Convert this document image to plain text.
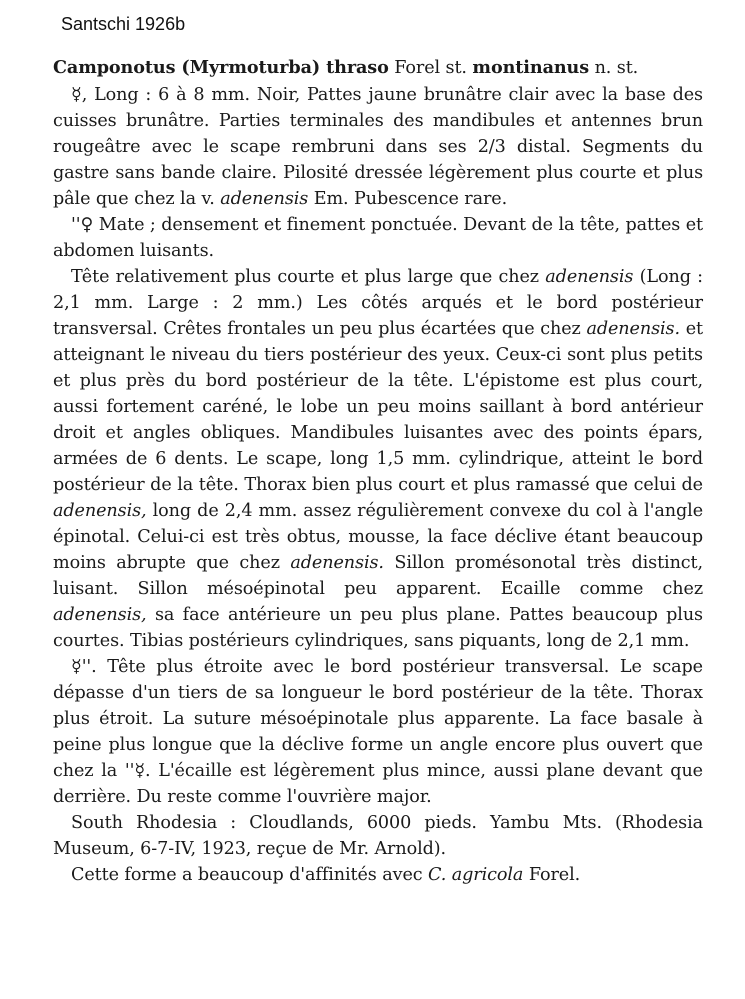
Santschi 1926b

Camponotus (Myrmoturba) thraso Forel st. montinanus n. st.

☿, Long : 6 à 8 mm. Noir, Pattes jaune brunâtre clair avec la base des cuisses brunâtre. Parties terminales des mandibules et antennes brun rougeâtre avec le scape rembruni dans ses 2/3 distal. Segments du gastre sans bande claire. Pilosité dressée légèrement plus courte et plus pâle que chez la v. adenensis Em. Pubescence rare.

''♀ Mate ; densement et finement ponctuée. Devant de la tête, pattes et abdomen luisants.

Tête relativement plus courte et plus large que chez adenensis (Long : 2,1 mm. Large : 2 mm.) Les côtés arqués et le bord postérieur transversal. Crêtes frontales un peu plus écartées que chez adenensis. et atteignant le niveau du tiers postérieur des yeux. Ceux-ci sont plus petits et plus près du bord postérieur de la tête. L'épistome est plus court, aussi fortement caréné, le lobe un peu moins saillant à bord antérieur droit et angles obliques. Mandibules luisantes avec des points épars, armées de 6 dents. Le scape, long 1,5 mm. cylindrique, atteint le bord postérieur de la tête. Thorax bien plus court et plus ramassé que celui de adenensis, long de 2,4 mm. assez régulièrement convexe du col à l'angle épinotal. Celui-ci est très obtus, mousse, la face déclive étant beaucoup moins abrupte que chez adenensis. Sillon promésonotal très distinct, luisant. Sillon mésoépinotal peu apparent. Ecaille comme chez adenensis, sa face antérieure un peu plus plane. Pattes beaucoup plus courtes. Tibias postérieurs cylindriques, sans piquants, long de 2,1 mm.

☿''. Tête plus étroite avec le bord postérieur transversal. Le scape dépasse d'un tiers de sa longueur le bord postérieur de la tête. Thorax plus étroit. La suture mésoépinotale plus apparente. La face basale à peine plus longue que la déclive forme un angle encore plus ouvert que chez la ''☿. L'écaille est légèrement plus mince, aussi plane devant que derrière. Du reste comme l'ouvrière major.

South Rhodesia : Cloudlands, 6000 pieds. Yambu Mts. (Rhodesia Museum, 6-7-IV, 1923, reçue de Mr. Arnold).

Cette forme a beaucoup d'affinités avec C. agricola Forel.
